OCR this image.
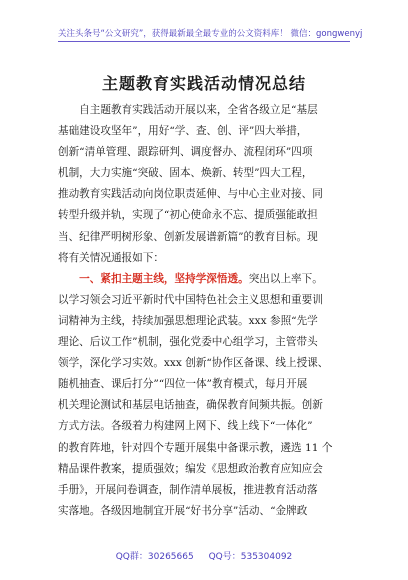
关注头条号“公文研究”，获得最新最全最专业的公文资料库！ 微信：gongwenyj
主题教育实践活动情况总结
　　自主题教育实践活动开展以来，全省各级立足“基层
基础建设攻坚年”，用好“学、查、创、评”四大举措，
创新“清单管理、跟踪研判、调度督办、流程闭环”四项
机制，大力实施“突破、固本、焕新、转型”四大工程，
推动教育实践活动向岗位职责延伸、与中心主业对接、同
转型升级并轨，实现了“初心使命永不忘、提质强能敢担
当、纪律严明树形象、创新发展谱新篇”的教育目标。现
将有关情况通报如下：
　　一、紧扣主题主线，坚持学深悟透。突出以上率下。
以学习领会习近平新时代中国特色社会主义思想和重要训
词精神为主线，持续加强思想理论武装。xxx 参照“先学
理论、后议工作”机制，强化党委中心组学习，主管带头
领学，深化学习实效。xxx 创新“协作区备课、线上授课、
随机抽查、课后打分”“四位一体”教育模式，每月开展
机关理论测试和基层电话抽查，确保教育间频共振。创新
方式方法。各级着力构建网上网下、线上线下“一体化”
的教育阵地，针对四个专题开展集中备课示教，遴选 11 个
精品课件教案，提质强效；编发《思想政治教育应知应会
手册》，开展问卷调查，制作清单展板，推进教育活动落
实落地。各级因地制宜开展“好书分享”活动、“金牌政
QQ群：30265665 QQ号：535304092
